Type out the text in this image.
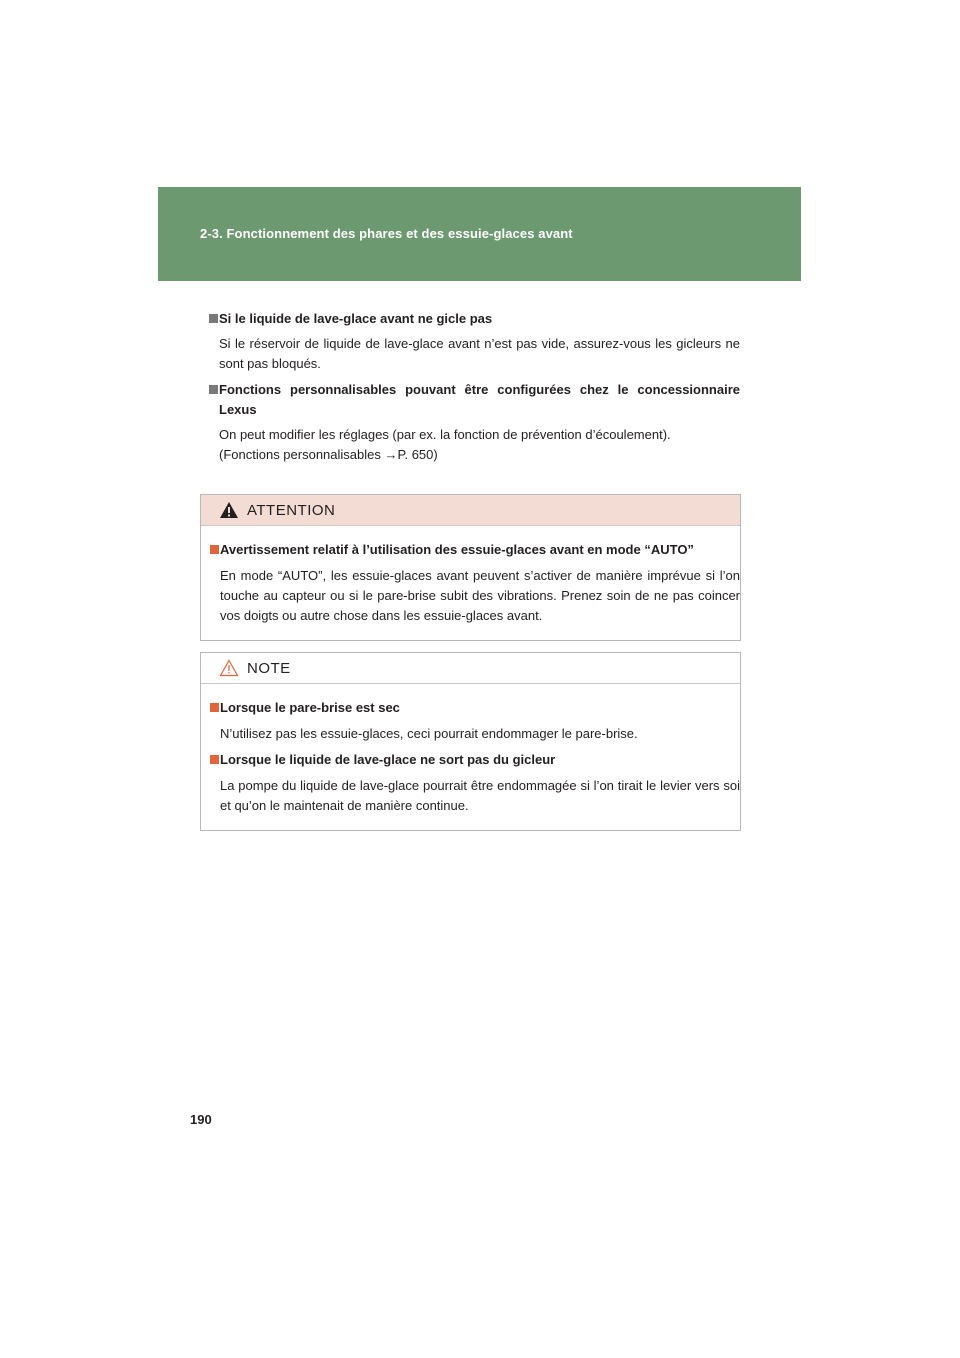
2-3. Fonctionnement des phares et des essuie-glaces avant
Si le liquide de lave-glace avant ne gicle pas
Si le réservoir de liquide de lave-glace avant n’est pas vide, assurez-vous les gicleurs ne sont pas bloqués.
Fonctions personnalisables pouvant être configurées chez le concessionnaire Lexus
On peut modifier les réglages (par ex. la fonction de prévention d’écoulement).
(Fonctions personnalisables →P. 650)
ATTENTION
Avertissement relatif à l’utilisation des essuie-glaces avant en mode “AUTO”
En mode “AUTO”, les essuie-glaces avant peuvent s’activer de manière imprévue si l’on touche au capteur ou si le pare-brise subit des vibrations. Prenez soin de ne pas coincer vos doigts ou autre chose dans les essuie-glaces avant.
NOTE
Lorsque le pare-brise est sec
N’utilisez pas les essuie-glaces, ceci pourrait endommager le pare-brise.
Lorsque le liquide de lave-glace ne sort pas du gicleur
La pompe du liquide de lave-glace pourrait être endommagée si l’on tirait le levier vers soi et qu’on le maintenait de manière continue.
190
